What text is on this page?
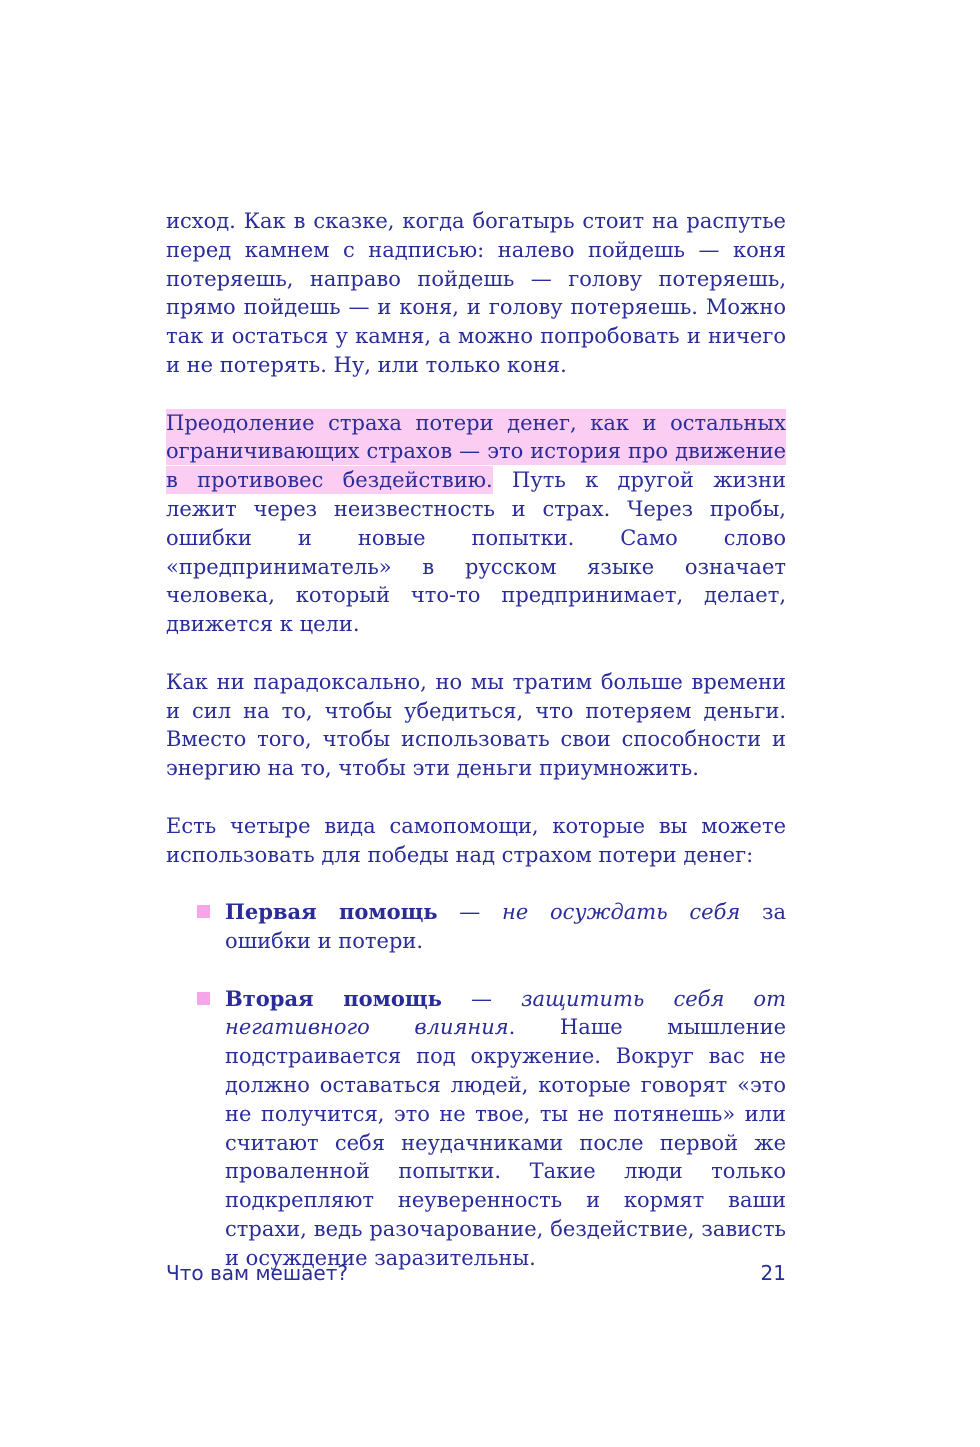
исход. Как в сказке, когда богатырь стоит на распутье перед камнем с надписью: налево пойдешь — коня потеряешь, направо пойдешь — голову потеряешь, прямо пойдешь — и коня, и голову потеряешь. Можно так и остаться у камня, а можно попробовать и ничего и не потерять. Ну, или только коня.

Преодоление страха потери денег, как и остальных ограничивающих страхов — это история про движение в противовес бездействию. Путь к другой жизни лежит через неизвестность и страх. Через пробы, ошибки и новые попытки. Само слово «предприниматель» в русском языке означает человека, который что-то предпринимает, делает, движется к цели.

Как ни парадоксально, но мы тратим больше времени и сил на то, чтобы убедиться, что потеряем деньги. Вместо того, чтобы использовать свои способности и энергию на то, чтобы эти деньги приумножить.

Есть четыре вида самопомощи, которые вы можете использовать для победы над страхом потери денег:

Первая помощь — не осуждать себя за ошибки и потери.

Вторая помощь — защитить себя от негативного влияния. Наше мышление подстраивается под окружение. Вокруг вас не должно оставаться людей, которые говорят «это не получится, это не твое, ты не потянешь» или считают себя неудачниками после первой же проваленной попытки. Такие люди только подкрепляют неуверенность и кормят ваши страхи, ведь разочарование, бездействие, зависть и осуждение заразительны.

Что вам мешает?	21
